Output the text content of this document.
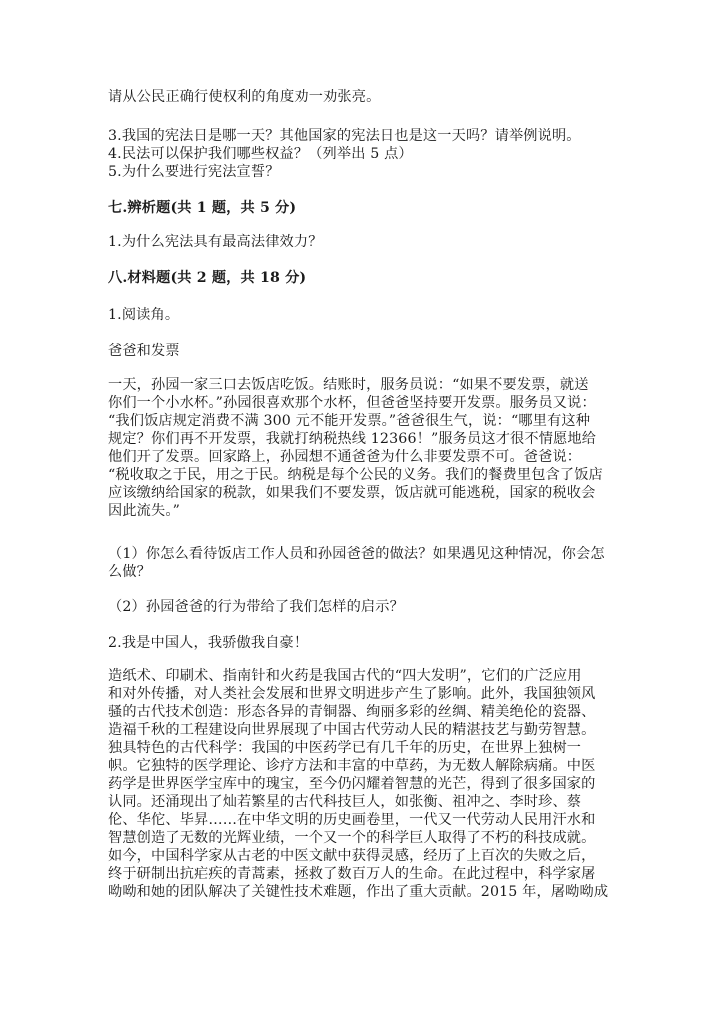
请从公民正确行使权利的角度劝一劝张亮。
3.我国的宪法日是哪一天？其他国家的宪法日也是这一天吗？请举例说明。
4.民法可以保护我们哪些权益？（列举出 5 点）
5.为什么要进行宪法宣誓？
七.辨析题(共 1 题，共 5 分)
1.为什么宪法具有最高法律效力？
八.材料题(共 2 题，共 18 分)
1.阅读角。
爸爸和发票
一天，孙园一家三口去饭店吃饭。结账时，服务员说：“如果不要发票，就送
你们一个小水杯。”孙园很喜欢那个水杯，但爸爸坚持要开发票。服务员又说：
“我们饭店规定消费不满 300 元不能开发票。”爸爸很生气，说：“哪里有这种
规定？你们再不开发票，我就打纳税热线 12366！”服务员这才很不情愿地给
他们开了发票。回家路上，孙园想不通爸爸为什么非要发票不可。爸爸说：
“税收取之于民，用之于民。纳税是每个公民的义务。我们的餐费里包含了饭店
应该缴纳给国家的税款，如果我们不要发票，饭店就可能逃税，国家的税收会
因此流失。”
（1）你怎么看待饭店工作人员和孙园爸爸的做法？如果遇见这种情况，你会怎
么做？
（2）孙园爸爸的行为带给了我们怎样的启示？
2.我是中国人，我骄傲我自豪！
造纸术、印刷术、指南针和火药是我国古代的“四大发明”，它们的广泛应用
和对外传播，对人类社会发展和世界文明进步产生了影响。此外，我国独领风
骚的古代技术创造：形态各异的青铜器、绚丽多彩的丝绸、精美绝伦的瓷器、
造福千秋的工程建设向世界展现了中国古代劳动人民的精湛技艺与勤劳智慧。
独具特色的古代科学：我国的中医药学已有几千年的历史，在世界上独树一
帜。它独特的医学理论、诊疗方法和丰富的中草药，为无数人解除病痛。中医
药学是世界医学宝库中的瑰宝，至今仍闪耀着智慧的光芒，得到了很多国家的
认同。还涌现出了灿若繁星的古代科技巨人，如张衡、祖冲之、李时珍、蔡
伦、华佗、毕昇……在中华文明的历史画卷里，一代又一代劳动人民用汗水和
智慧创造了无数的光辉业绩，一个又一个的科学巨人取得了不朽的科技成就。
如今，中国科学家从古老的中医文献中获得灵感，经历了上百次的失败之后，
终于研制出抗疟疾的青蒿素，拯救了数百万人的生命。在此过程中，科学家屠
呦呦和她的团队解决了关键性技术难题，作出了重大贡献。2015 年，屠呦呦成
